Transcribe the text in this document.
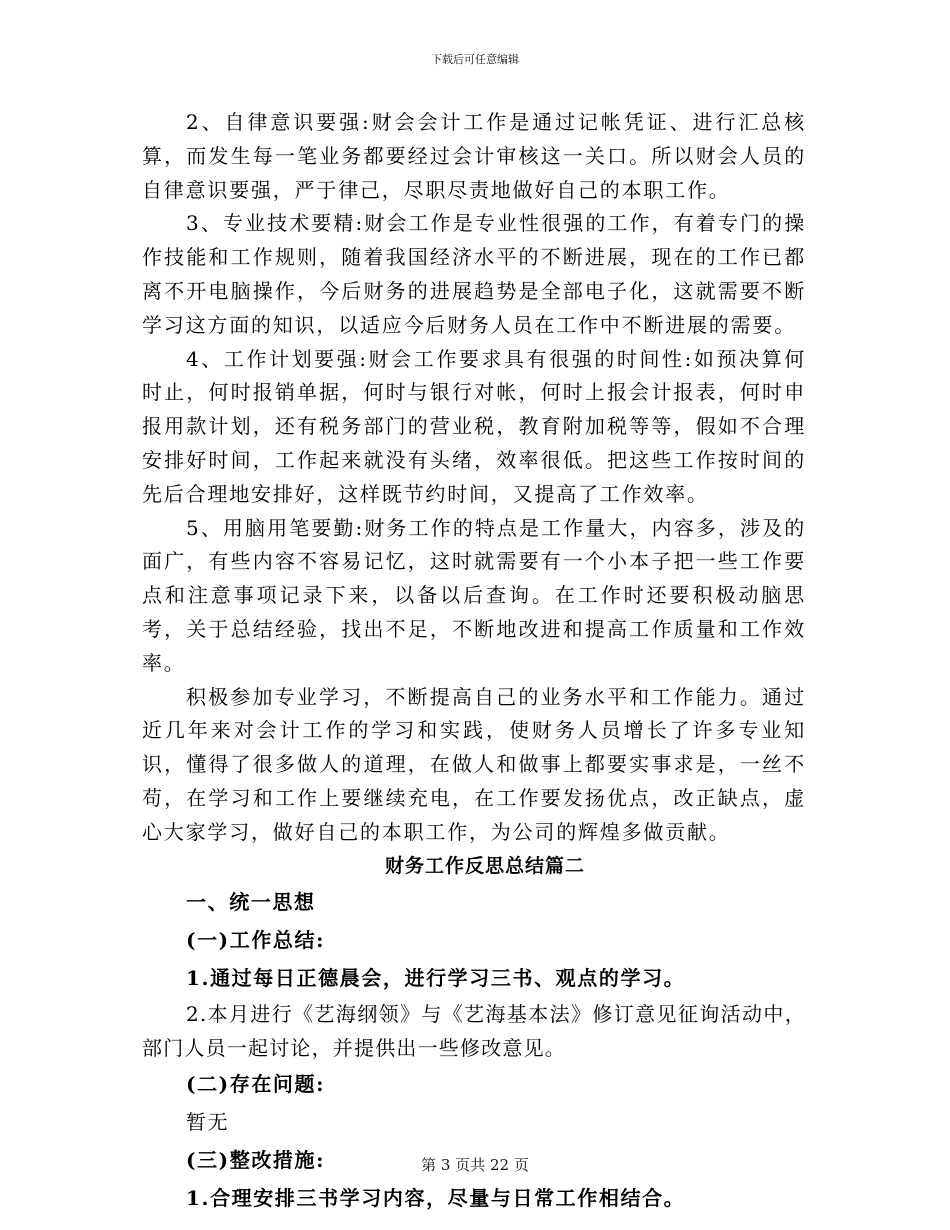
下载后可任意编辑

2、自律意识要强:财会会计工作是通过记帐凭证、进行汇总核算，而发生每一笔业务都要经过会计审核这一关口。所以财会人员的自律意识要强，严于律己，尽职尽责地做好自己的本职工作。

3、专业技术要精:财会工作是专业性很强的工作，有着专门的操作技能和工作规则，随着我国经济水平的不断进展，现在的工作已都离不开电脑操作，今后财务的进展趋势是全部电子化，这就需要不断学习这方面的知识，以适应今后财务人员在工作中不断进展的需要。

4、工作计划要强:财会工作要求具有很强的时间性:如预决算何时止，何时报销单据，何时与银行对帐，何时上报会计报表，何时申报用款计划，还有税务部门的营业税，教育附加税等等，假如不合理安排好时间，工作起来就没有头绪，效率很低。把这些工作按时间的先后合理地安排好，这样既节约时间，又提高了工作效率。

5、用脑用笔要勤:财务工作的特点是工作量大，内容多，涉及的面广，有些内容不容易记忆，这时就需要有一个小本子把一些工作要点和注意事项记录下来，以备以后查询。在工作时还要积极动脑思考，关于总结经验，找出不足，不断地改进和提高工作质量和工作效率。

积极参加专业学习，不断提高自己的业务水平和工作能力。通过近几年来对会计工作的学习和实践，使财务人员增长了许多专业知识，懂得了很多做人的道理，在做人和做事上都要实事求是，一丝不苟，在学习和工作上要继续充电，在工作要发扬优点，改正缺点，虚心大家学习，做好自己的本职工作，为公司的辉煌多做贡献。

财务工作反思总结篇二

一、统一思想

(一)工作总结:

1.通过每日正德晨会，进行学习三书、观点的学习。

2.本月进行《艺海纲领》与《艺海基本法》修订意见征询活动中，部门人员一起讨论，并提供出一些修改意见。

(二)存在问题:

暂无

(三)整改措施:

1.合理安排三书学习内容，尽量与日常工作相结合。

第 3 页共 22 页
